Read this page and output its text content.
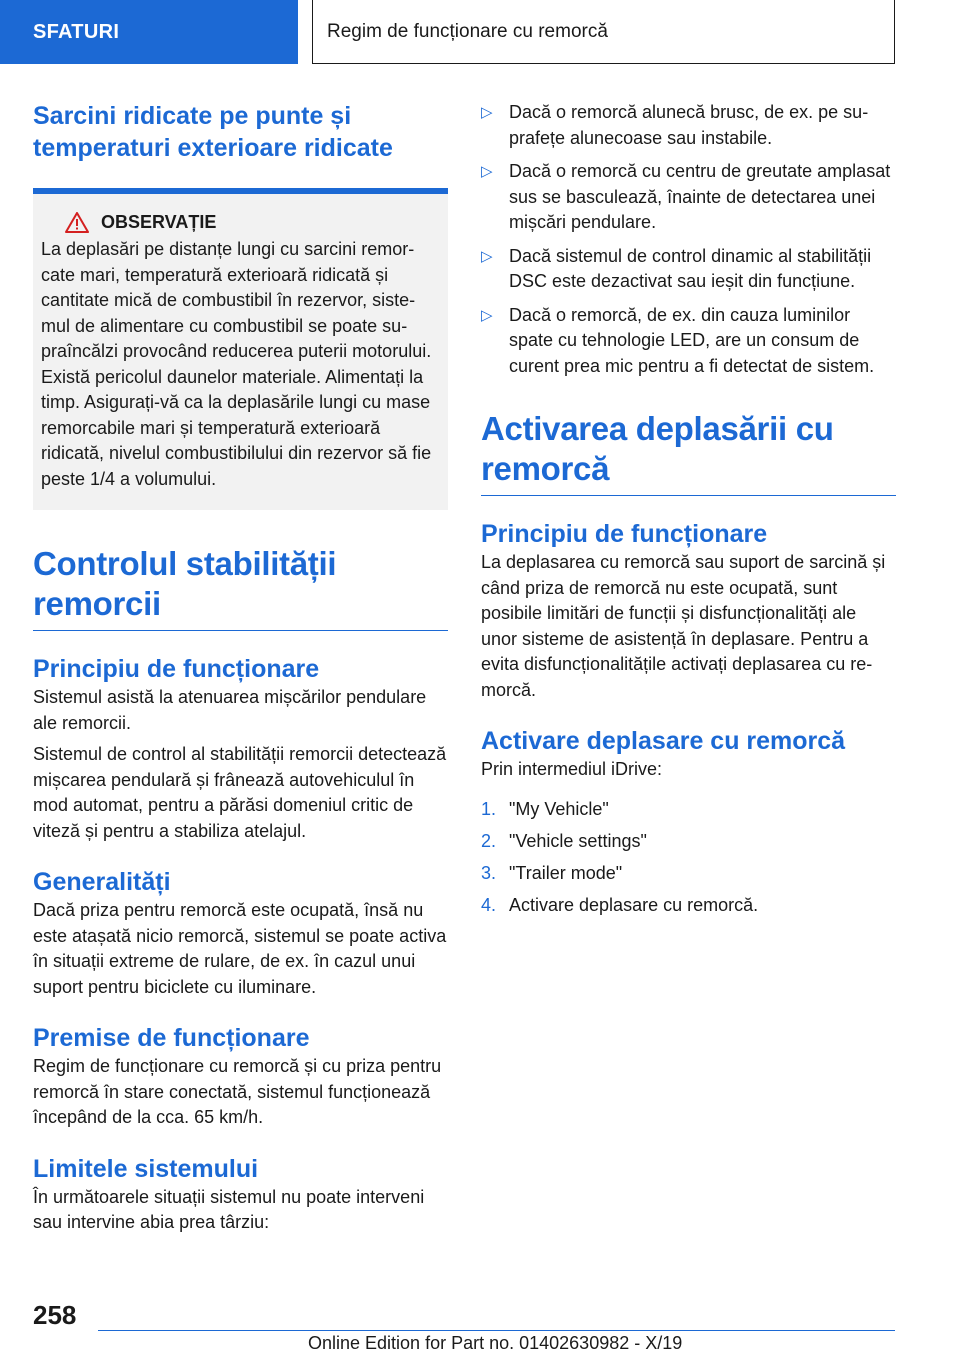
SFATURI	Regim de funcționare cu remorcă
Sarcini ridicate pe punte și temperaturi exterioare ridicate
OBSERVAȚIE

La deplasări pe distanțe lungi cu sarcini remorcate mari, temperatură exterioară ridicată și cantitate mică de combustibil în rezervor, sistemul de alimentare cu combustibil se poate supraîncălzi provocând reducerea puterii motorului. Există pericolul daunelor materiale. Alimentați la timp. Asigurați-vă ca la deplasările lungi cu mase remorcabile mari și temperatură exterioară ridicată, nivelul combustibilului din rezervor să fie peste 1/4 a volumului.

Controlul stabilității remorcii
Principiu de funcționare

Sistemul asistă la atenuarea mișcărilor pendulare ale remorcii.

Sistemul de control al stabilității remorcii detectează mișcarea pendulară și frânează autovehiculul în mod automat, pentru a părăsi domeniul critic de viteză și pentru a stabiliza atelajul.

Generalități

Dacă priza pentru remorcă este ocupată, însă nu este atașată nicio remorcă, sistemul se poate activa în situații extreme de rulare, de ex. în cazul unui suport pentru biciclete cu iluminare.

Premise de funcționare

Regim de funcționare cu remorcă și cu priza pentru remorcă în stare conectată, sistemul funcționează începând de la cca. 65 km/h.

Limitele sistemului

În următoarele situații sistemul nu poate interveni sau intervine abia prea târziu:

▷ Dacă o remorcă alunecă brusc, de ex. pe suprafețe alunecoase sau instabile.
▷ Dacă o remorcă cu centru de greutate amplasat sus se basculează, înainte de detectarea unei mișcări pendulare.
▷ Dacă sistemul de control dinamic al stabilității DSC este dezactivat sau ieșit din funcțiune.
▷ Dacă o remorcă, de ex. din cauza luminilor spate cu tehnologie LED, are un consum de curent prea mic pentru a fi detectat de sistem.
Activarea deplasării cu remorcă
Principiu de funcționare

La deplasarea cu remorcă sau suport de sarcină și când priza de remorcă nu este ocupată, sunt posibile limitări de funcții și disfuncționalități ale unor sisteme de asistență în deplasare. Pentru a evita disfuncționalitățile activați deplasarea cu remorcă.

Activare deplasare cu remorcă

Prin intermediul iDrive:

1. "My Vehicle"
2. "Vehicle settings"
3. "Trailer mode"
4. Activare deplasare cu remorcă.
258
Online Edition for Part no. 01402630982 - X/19
